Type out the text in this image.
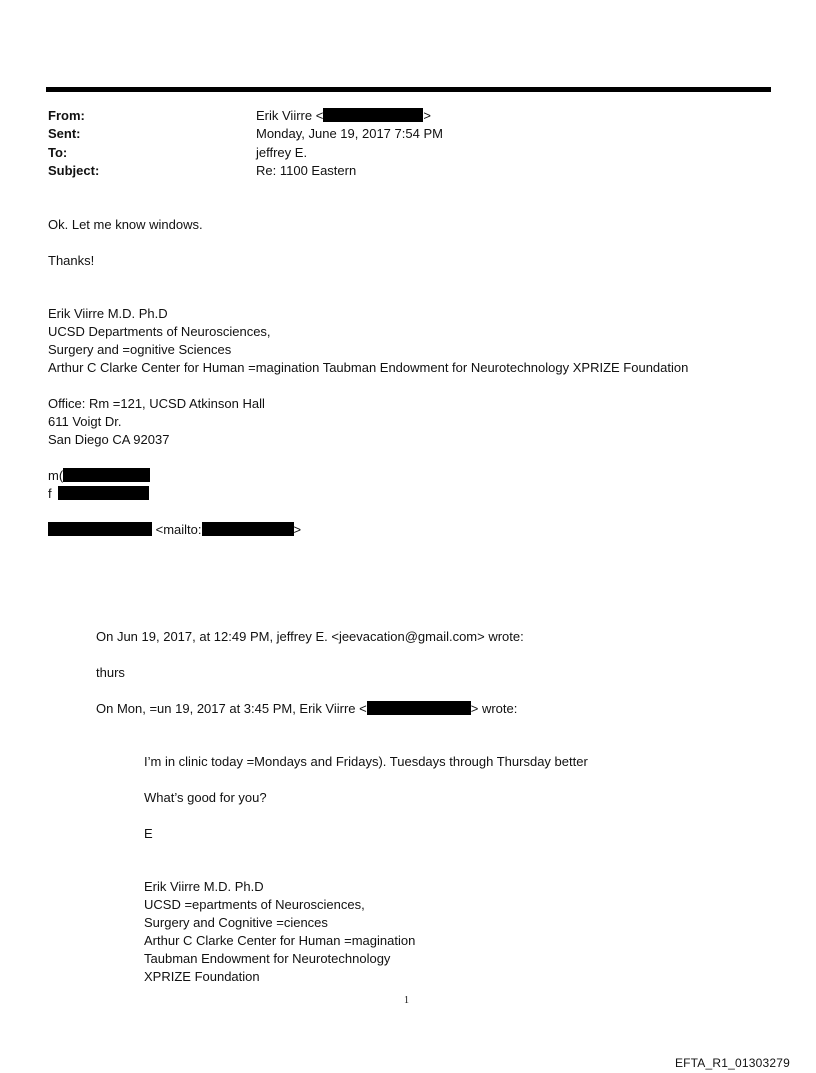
From:	Erik Viirre <	>
Sent:	Monday, June 19, 2017 7:54 PM
To:	jeffrey E.
Subject:	Re: 1100 Eastern
Ok. Let me know windows.
Thanks!
Erik Viirre M.D. Ph.D
UCSD Departments of Neurosciences,
Surgery and =ognitive Sciences
Arthur C Clarke Center for Human =magination Taubman Endowment for Neurotechnology XPRIZE Foundation
Office: Rm =121, UCSD Atkinson Hall
611 Voigt Dr.
San Diego CA 92037
m(
f
<mailto:	>
On Jun 19, 2017, at 12:49 PM, jeffrey E. <jeevacation@gmail.com> wrote:
thurs
On Mon, =un 19, 2017 at 3:45 PM, Erik Viirre <	> wrote:
I’m in clinic today =Mondays and Fridays). Tuesdays through Thursday better
What’s good for you?
E
Erik Viirre M.D. Ph.D
UCSD =epartments of Neurosciences,
Surgery and Cognitive =ciences
Arthur C Clarke Center for Human =magination
Taubman Endowment for Neurotechnology
XPRIZE Foundation
1
EFTA_R1_01303279
